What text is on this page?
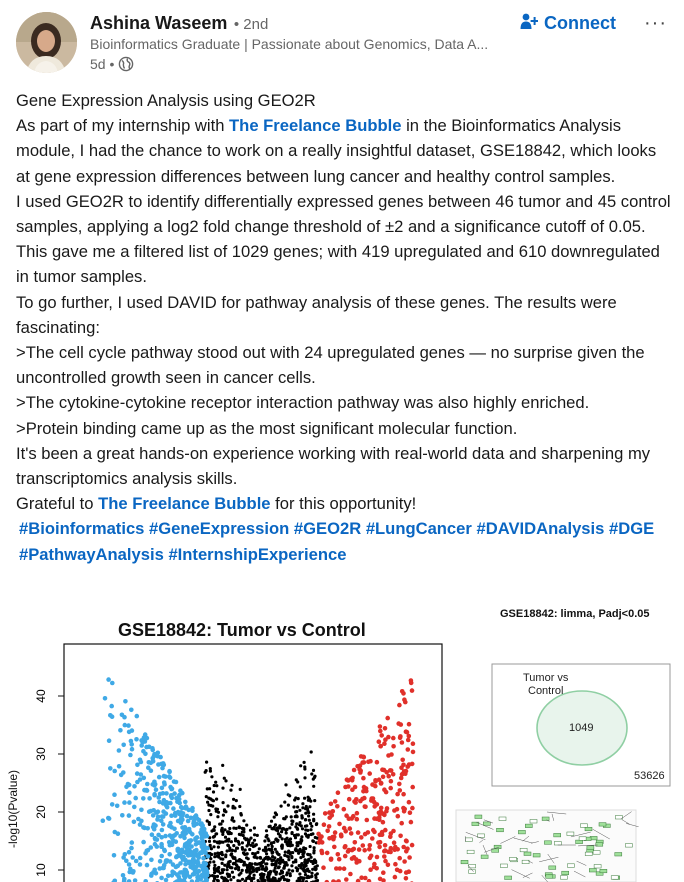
Ashina Waseem • 2nd
Bioinformatics Graduate | Passionate about Genomics, Data A...
5d •
Connect ···

Gene Expression Analysis using GEO2R

As part of my internship with The Freelance Bubble in the Bioinformatics Analysis module, I had the chance to work on a really insightful dataset, GSE18842, which looks at gene expression differences between lung cancer and healthy control samples.

I used GEO2R to identify differentially expressed genes between 46 tumor and 45 control samples, applying a log2 fold change threshold of ±2 and a significance cutoff of 0.05. This gave me a filtered list of 1029 genes; with 419 upregulated and 610 downregulated in tumor samples.

To go further, I used DAVID for pathway analysis of these genes. The results were fascinating:

>The cell cycle pathway stood out with 24 upregulated genes — no surprise given the uncontrolled growth seen in cancer cells.

>The cytokine-cytokine receptor interaction pathway was also highly enriched.

>Protein binding came up as the most significant molecular function.

It's been a great hands-on experience working with real-world data and sharpening my transcriptomics analysis skills.

Grateful to The Freelance Bubble for this opportunity!

#Bioinformatics #GeneExpression #GEO2R #LungCancer #DAVIDAnalysis #DGE #PathwayAnalysis #InternshipExperience

GSE18842: limma, Padj<0.05
GSE18842: Tumor vs Control
-log10(Pvalue)
40
30
20
10
Tumor vs
Control
1049
53626
